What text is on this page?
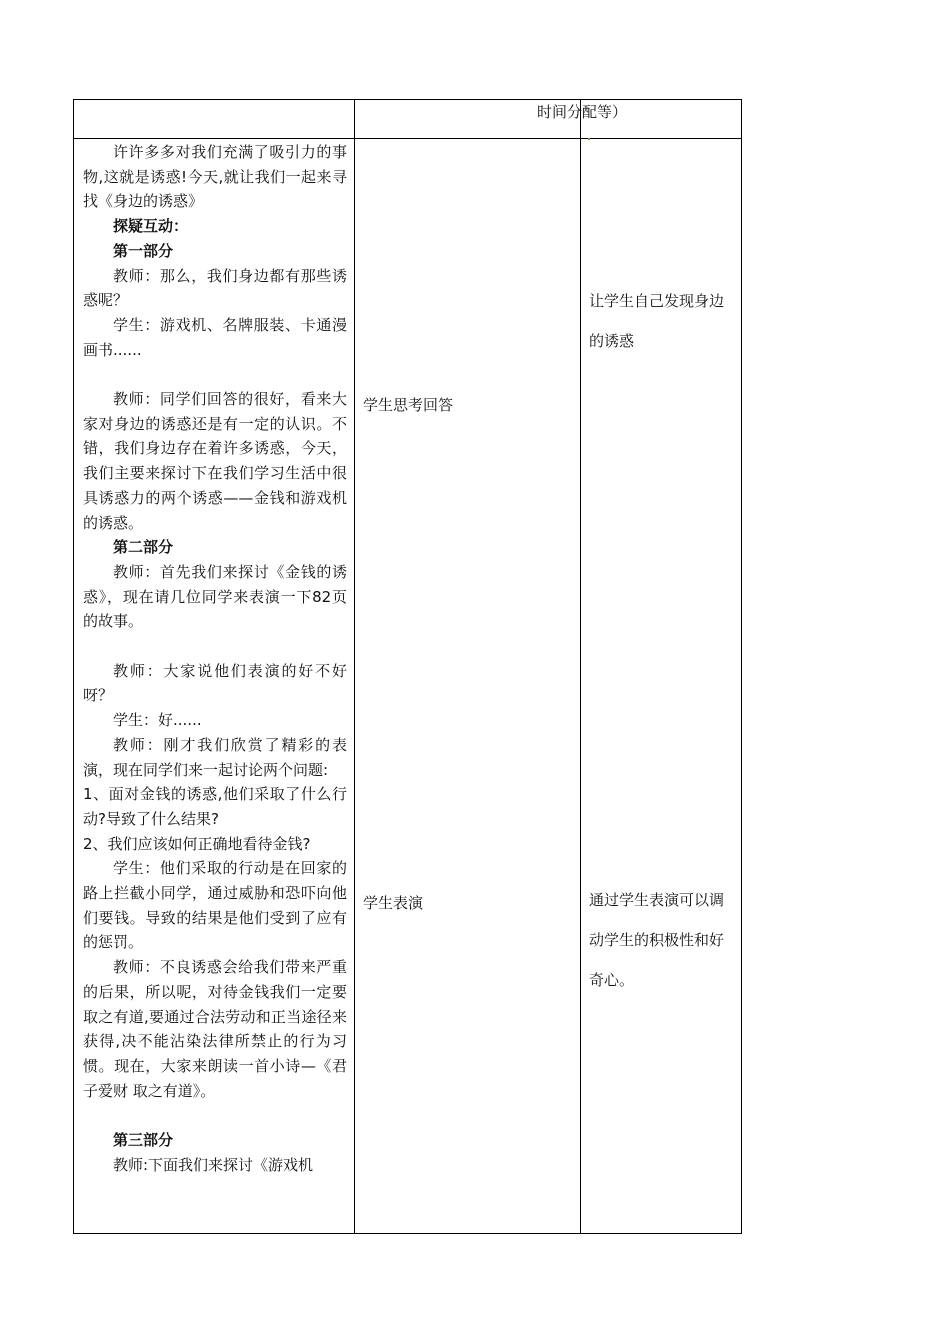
许许多多对我们充满了吸引力的事物,这就是诱惑!今天,就让我们一起来寻找《身边的诱惑》

探疑互动：

第一部分

教师：那么，我们身边都有那些诱惑呢？

学生：游戏机、名牌服装、卡通漫画书......

教师：同学们回答的很好，看来大家对身边的诱惑还是有一定的认识。不错，我们身边存在着许多诱惑，今天，我们主要来探讨下在我们学习生活中很具诱惑力的两个诱惑——金钱和游戏机的诱惑。

第二部分

教师：首先我们来探讨《金钱的诱惑》，现在请几位同学来表演一下82页的故事。

教师：大家说他们表演的好不好呀？

学生：好......

教师：刚才我们欣赏了精彩的表演，现在同学们来一起讨论两个问题:

1、面对金钱的诱惑,他们采取了什么行动?导致了什么结果?

2、我们应该如何正确地看待金钱?

学生：他们采取的行动是在回家的路上拦截小同学，通过威胁和恐吓向他们要钱。导致的结果是他们受到了应有的惩罚。

教师：不良诱惑会给我们带来严重的后果，所以呢，对待金钱我们一定要取之有道,要通过合法劳动和正当途径来获得,决不能沾染法律所禁止的行为习惯。现在，大家来朗读一首小诗—《君子爱财 取之有道》。

第三部分

教师:下面我们来探讨《游戏机

时间分配等）
学生思考回答
学生表演
让学生自己发现身边的诱惑
通过学生表演可以调动学生的积极性和好奇心。
